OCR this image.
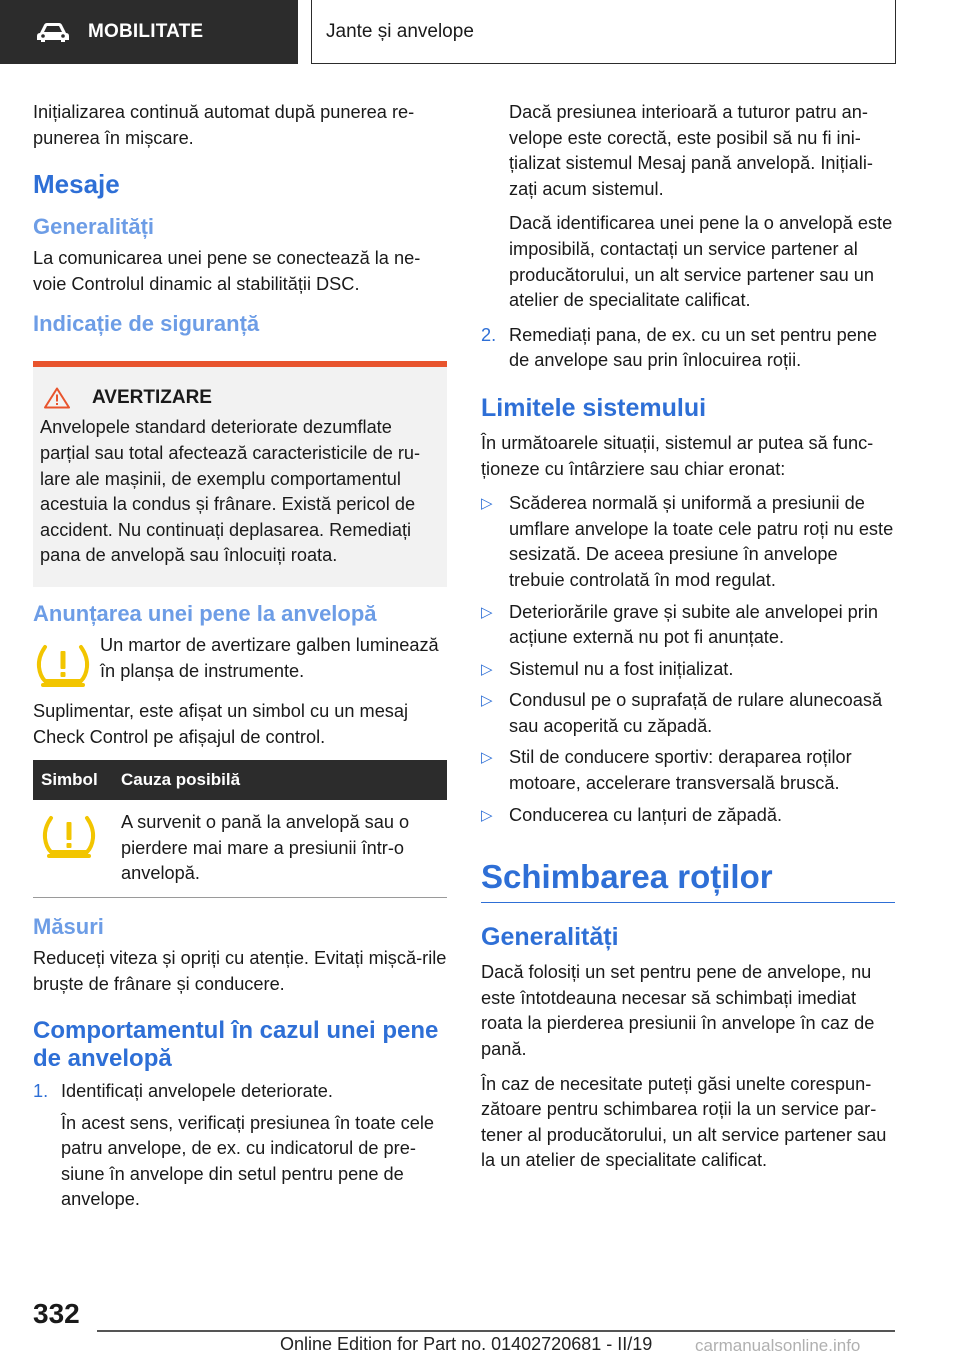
MOBILITATE	Jante și anvelope
Inițializarea continuă automat după punerea re-punerea în mișcare.
Mesaje
Generalități
La comunicarea unei pene se conectează la ne-voie Controlul dinamic al stabilității DSC.
Indicație de siguranță
AVERTIZARE
Anvelopele standard deteriorate dezumflate parțial sau total afectează caracteristicile de ru-lare ale mașinii, de exemplu comportamentul acestuia la condus și frânare. Există pericol de accident. Nu continuați deplasarea. Remediați pana de anvelopă sau înlocuiți roata.
Anunțarea unei pene la anvelopă
Un martor de avertizare galben luminează în planșa de instrumente.
Suplimentar, este afișat un simbol cu un mesaj Check Control pe afișajul de control.
Simbol	Cauza posibilă
	A survenit o pană la anvelopă sau o pierdere mai mare a presiunii într-o anvelopă.
Măsuri
Reduceți viteza și opriți cu atenție. Evitați mișcă-rile bruște de frânare și conducere.
Comportamentul în cazul unei pene de anvelopă
1. Identificați anvelopele deteriorate.
În acest sens, verificați presiunea în toate cele patru anvelope, de ex. cu indicatorul de pre-siune în anvelope din setul pentru pene de anvelope.
Dacă presiunea interioară a tuturor patru an-velope este corectă, este posibil să nu fi ini-țializat sistemul Mesaj pană anvelopă. Inițiali-zați acum sistemul.
Dacă identificarea unei pene la o anvelopă este imposibilă, contactați un service partener al producătorului, un alt service partener sau un atelier de specialitate calificat.
2. Remediați pana, de ex. cu un set pentru pene de anvelope sau prin înlocuirea roții.
Limitele sistemului
În următoarele situații, sistemul ar putea să func-ționeze cu întârziere sau chiar eronat:
▷ Scăderea normală și uniformă a presiunii de umflare anvelope la toate cele patru roți nu este sesizată. De aceea presiune în anvelope trebuie controlată în mod regulat.
▷ Deteriorările grave și subite ale anvelopei prin acțiune externă nu pot fi anunțate.
▷ Sistemul nu a fost inițializat.
▷ Condusul pe o suprafață de rulare alunecoasă sau acoperită cu zăpadă.
▷ Stil de conducere sportiv: deraparea roților motoare, accelerare transversală bruscă.
▷ Conducerea cu lanțuri de zăpadă.
Schimbarea roților
Generalități
Dacă folosiți un set pentru pene de anvelope, nu este întotdeauna necesar să schimbați imediat roata la pierderea presiunii în anvelope în caz de pană.
În caz de necesitate puteți găsi unelte corespun-zătoare pentru schimbarea roții la un service par-tener al producătorului, un alt service partener sau la un atelier de specialitate calificat.
332
Online Edition for Part no. 01402720681 - II/19	carmanualsonline.info
